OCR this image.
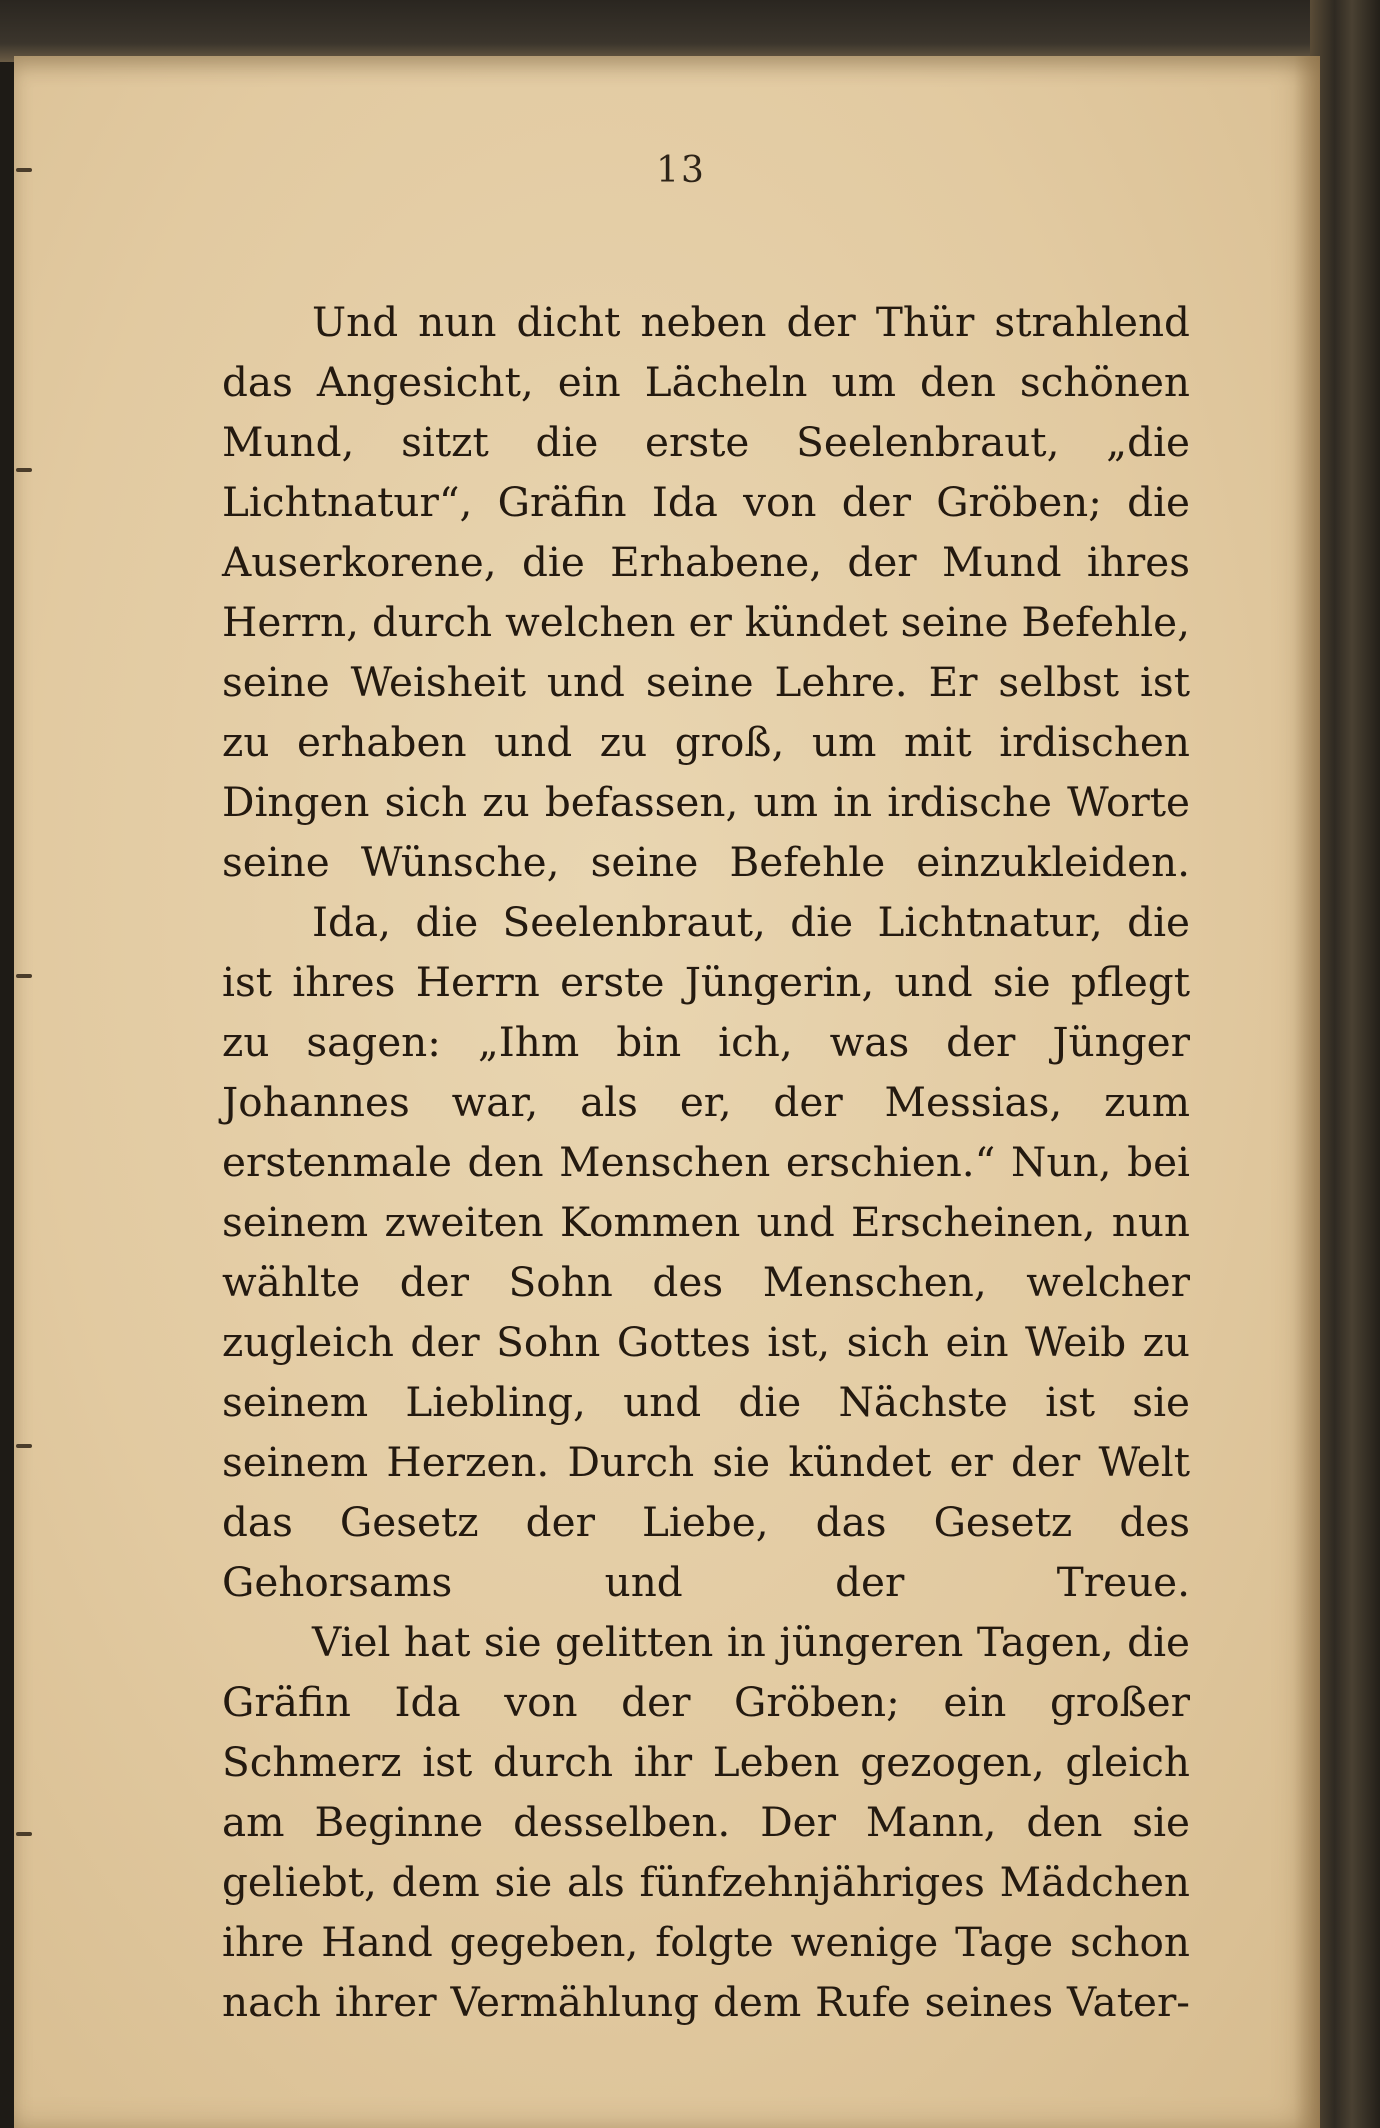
13

Und nun dicht neben der Thür strahlend das Angesicht, ein Lächeln um den schönen Mund, sitzt die erste Seelenbraut, „die Lichtnatur“, Gräfin Ida von der Gröben; die Auserkorene, die Erhabene, der Mund ihres Herrn, durch welchen er kündet seine Befehle, seine Weisheit und seine Lehre. Er selbst ist zu erhaben und zu groß, um mit irdischen Dingen sich zu befassen, um in irdische Worte seine Wünsche, seine Befehle einzukleiden.

Ida, die Seelenbraut, die Lichtnatur, die ist ihres Herrn erste Jüngerin, und sie pflegt zu sagen: „Ihm bin ich, was der Jünger Johannes war, als er, der Messias, zum erstenmale den Menschen erschien.“ Nun, bei seinem zweiten Kommen und Erscheinen, nun wählte der Sohn des Menschen, welcher zugleich der Sohn Gottes ist, sich ein Weib zu seinem Liebling, und die Nächste ist sie seinem Herzen. Durch sie kündet er der Welt das Gesetz der Liebe, das Gesetz des Gehorsams und der Treue.

Viel hat sie gelitten in jüngeren Tagen, die Gräfin Ida von der Gröben; ein großer Schmerz ist durch ihr Leben gezogen, gleich am Beginne desselben. Der Mann, den sie geliebt, dem sie als fünfzehnjähriges Mädchen ihre Hand gegeben, folgte wenige Tage schon nach ihrer Vermählung dem Rufe seines Vater-
